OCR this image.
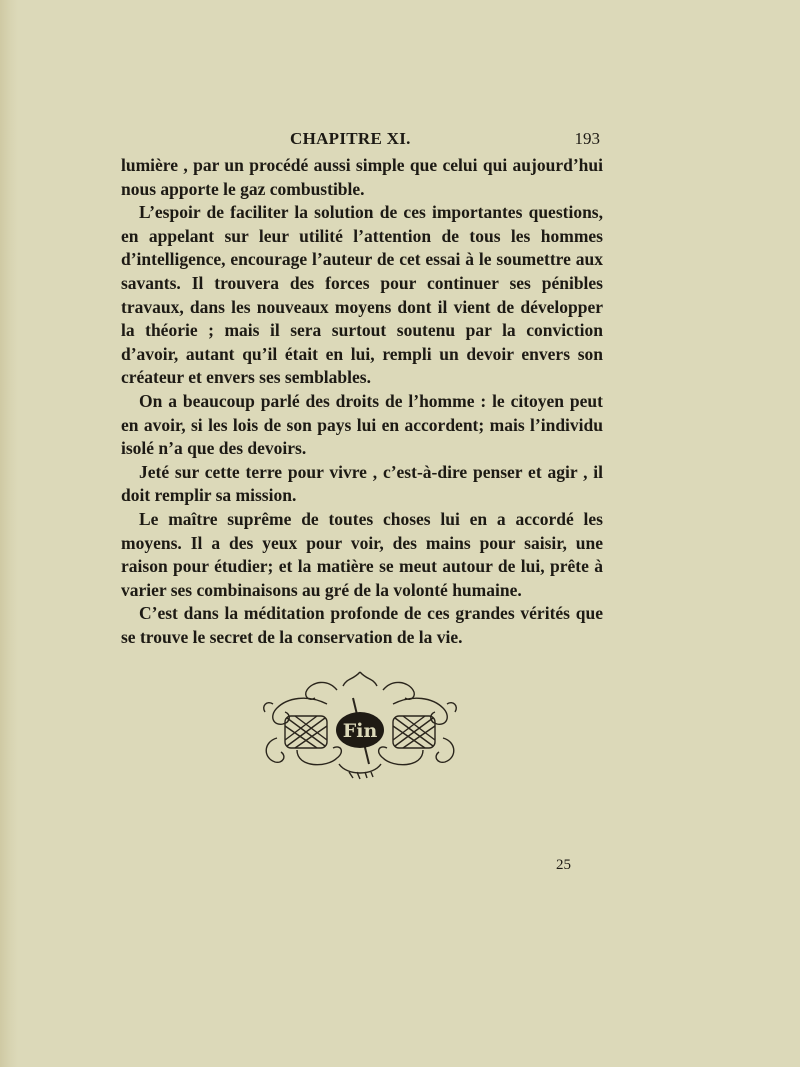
CHAPITRE XI.	193

lumière , par un procédé aussi simple que celui qui aujourd’hui nous apporte le gaz combustible.

L’espoir de faciliter la solution de ces importantes questions, en appelant sur leur utilité l’attention de tous les hommes d’intelligence, encourage l’auteur de cet essai à le soumettre aux savants. Il trouvera des forces pour continuer ses pénibles travaux, dans les nouveaux moyens dont il vient de développer la théorie ; mais il sera surtout soutenu par la conviction d’avoir, autant qu’il était en lui, rempli un devoir envers son créateur et envers ses semblables.

On a beaucoup parlé des droits de l’homme : le citoyen peut en avoir, si les lois de son pays lui en accordent; mais l’individu isolé n’a que des devoirs.

Jeté sur cette terre pour vivre , c’est-à-dire penser et agir , il doit remplir sa mission.

Le maître suprême de toutes choses lui en a accordé les moyens. Il a des yeux pour voir, des mains pour saisir, une raison pour étudier; et la matière se meut autour de lui, prête à varier ses combinaisons au gré de la volonté humaine.

C’est dans la méditation profonde de ces grandes vérités que se trouve le secret de la conservation de la vie.

Fin
25
